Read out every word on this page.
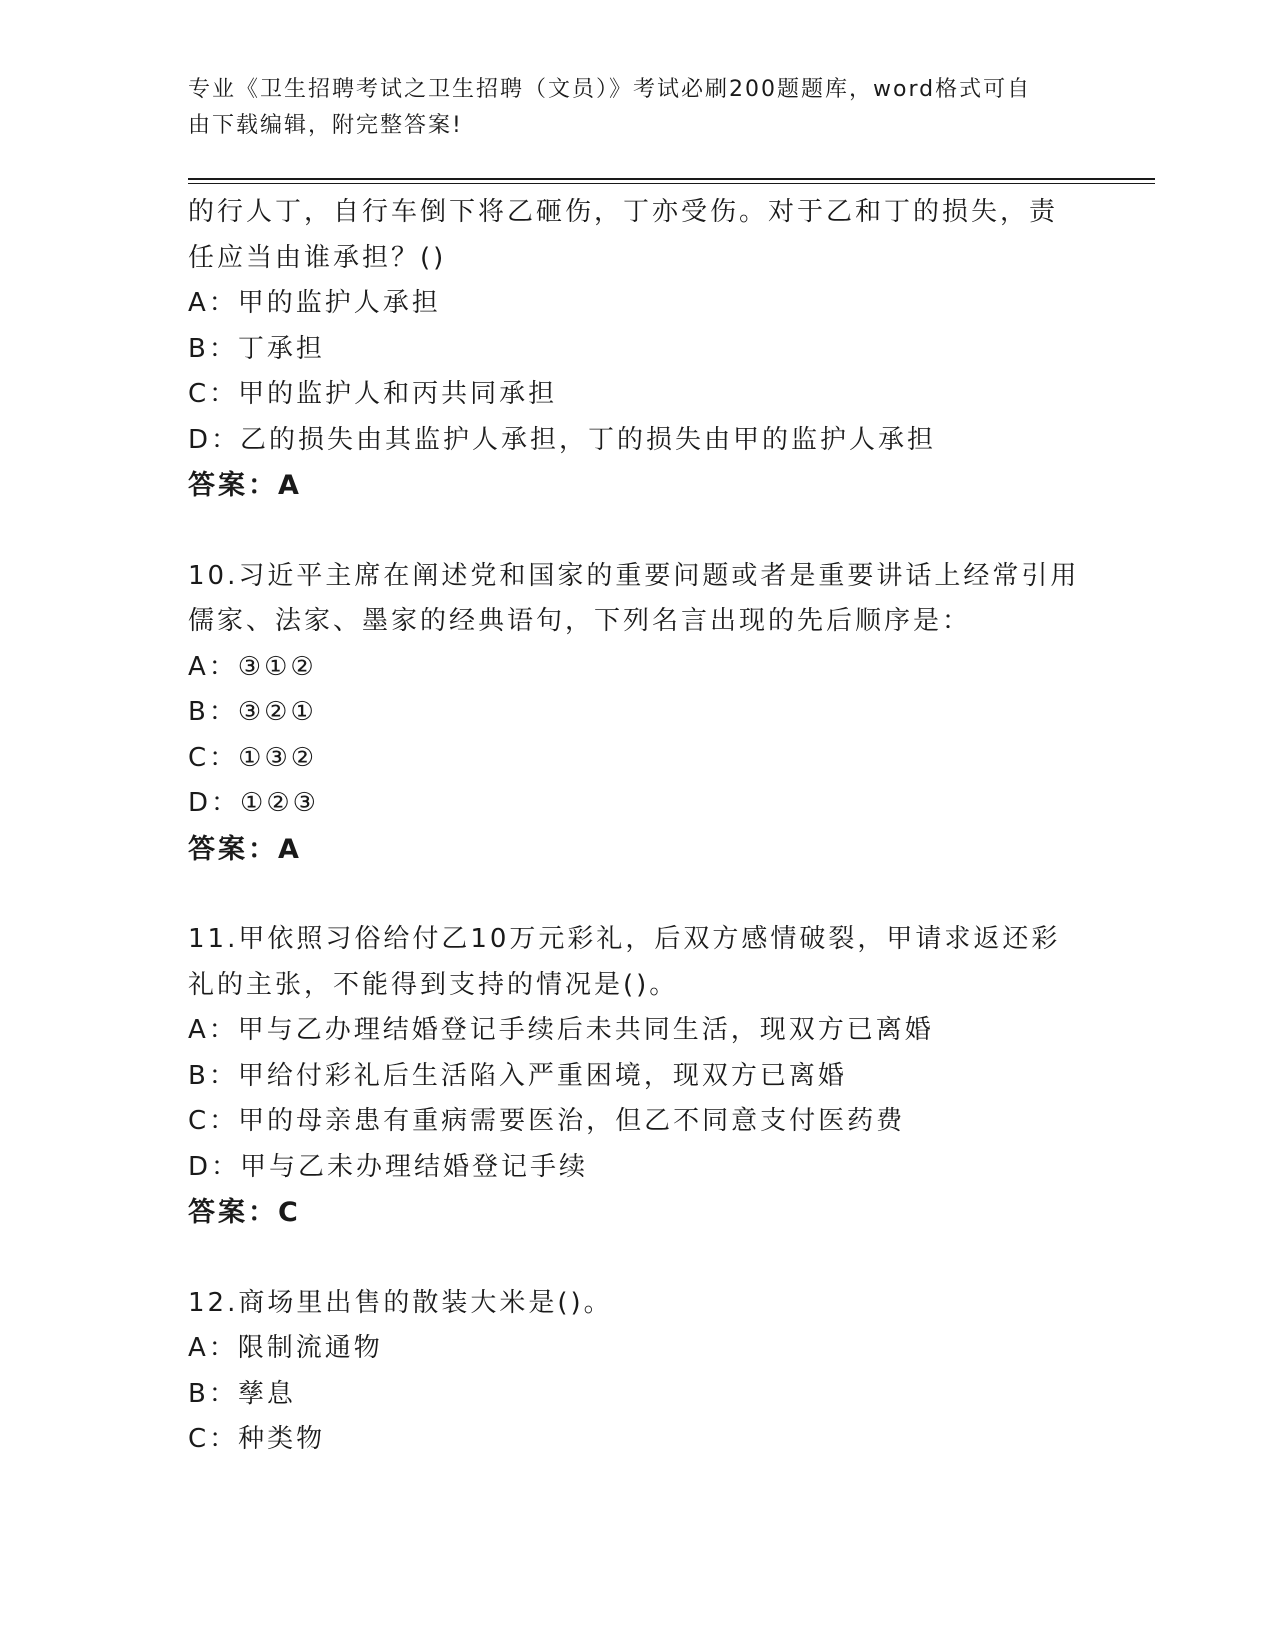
专业《卫生招聘考试之卫生招聘（文员）》考试必刷200题题库，word格式可自
由下载编辑，附完整答案!
的行人丁，自行车倒下将乙砸伤，丁亦受伤。对于乙和丁的损失，责
任应当由谁承担？()
A：甲的监护人承担
B：丁承担
C：甲的监护人和丙共同承担
D：乙的损失由其监护人承担，丁的损失由甲的监护人承担
答案：A
10.习近平主席在阐述党和国家的重要问题或者是重要讲话上经常引用
儒家、法家、墨家的经典语句，下列名言出现的先后顺序是：
A：③①②
B：③②①
C：①③②
D：①②③
答案：A
11.甲依照习俗给付乙10万元彩礼，后双方感情破裂，甲请求返还彩
礼的主张，不能得到支持的情况是()。
A：甲与乙办理结婚登记手续后未共同生活，现双方已离婚
B：甲给付彩礼后生活陷入严重困境，现双方已离婚
C：甲的母亲患有重病需要医治，但乙不同意支付医药费
D：甲与乙未办理结婚登记手续
答案：C
12.商场里出售的散装大米是()。
A：限制流通物
B：孳息
C：种类物
